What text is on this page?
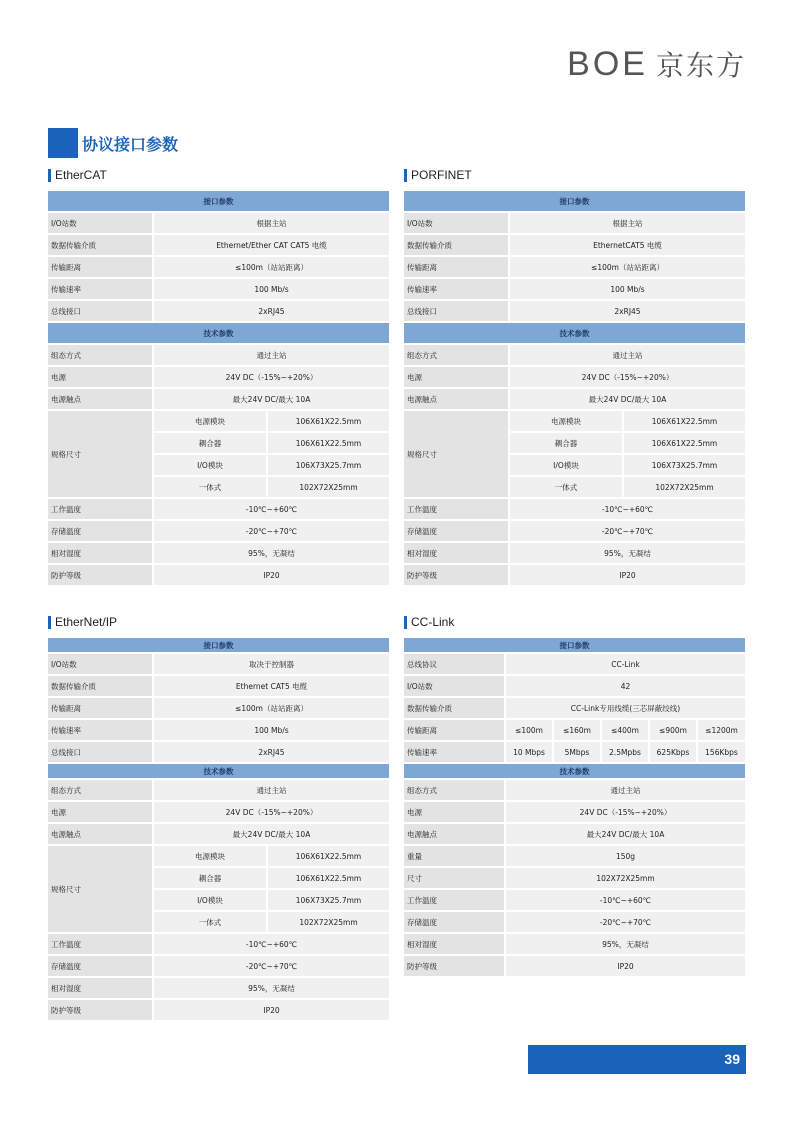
BOE 京东方
协议接口参数
EtherCAT
接口参数		
I/O站数	根据主站	
数据传输介质	Ethernet/Ether CAT CAT5 电缆	
传输距离	≤100m（站站距离）	
传输速率	100 Mb/s	
总线接口	2xRJ45	
技术参数		
组态方式	通过主站	
电源	24V DC（-15%~+20%）	
电源触点	最大24V DC/最大 10A	
规格尺寸	电源模块	106X61X22.5mm
	耦合器	106X61X22.5mm
	I/O模块	106X73X25.7mm
	一体式	102X72X25mm
工作温度	-10℃~+60℃	
存储温度	-20℃~+70℃	
相对湿度	95%，无凝结	
防护等级	IP20	
PORFINET
接口参数		
I/O站数	根据主站	
数据传输介质	EthernetCAT5 电缆	
传输距离	≤100m（站站距离）	
传输速率	100 Mb/s	
总线接口	2xRJ45	
技术参数		
组态方式	通过主站	
电源	24V DC（-15%~+20%）	
电源触点	最大24V DC/最大 10A	
规格尺寸	电源模块	106X61X22.5mm
	耦合器	106X61X22.5mm
	I/O模块	106X73X25.7mm
	一体式	102X72X25mm
工作温度	-10℃~+60℃	
存储温度	-20℃~+70℃	
相对湿度	95%，无凝结	
防护等级	IP20	
EtherNet/IP
接口参数		
I/O站数	取决于控制器	
数据传输介质	Ethernet CAT5 电缆	
传输距离	≤100m（站站距离）	
传输速率	100 Mb/s	
总线接口	2xRJ45	
技术参数		
组态方式	通过主站	
电源	24V DC（-15%~+20%）	
电源触点	最大24V DC/最大 10A	
规格尺寸	电源模块	106X61X22.5mm
	耦合器	106X61X22.5mm
	I/O模块	106X73X25.7mm
	一体式	102X72X25mm
工作温度	-10℃~+60℃	
存储温度	-20℃~+70℃	
相对湿度	95%，无凝结	
防护等级	IP20	
CC-Link
接口参数					
总线协议	CC-Link				
I/O站数	42				
数据传输介质	CC-Link专用线缆(三芯屏蔽绞线)				
传输距离	≤100m	≤160m	≤400m	≤900m	≤1200m
传输速率	10 Mbps	5Mbps	2.5Mpbs	625Kbps	156Kbps
技术参数					
组态方式	通过主站				
电源	24V DC（-15%~+20%）				
电源触点	最大24V DC/最大 10A				
重量	150g				
尺寸	102X72X25mm				
工作温度	-10℃~+60℃				
存储温度	-20℃~+70℃				
相对湿度	95%，无凝结				
防护等级	IP20				
39
